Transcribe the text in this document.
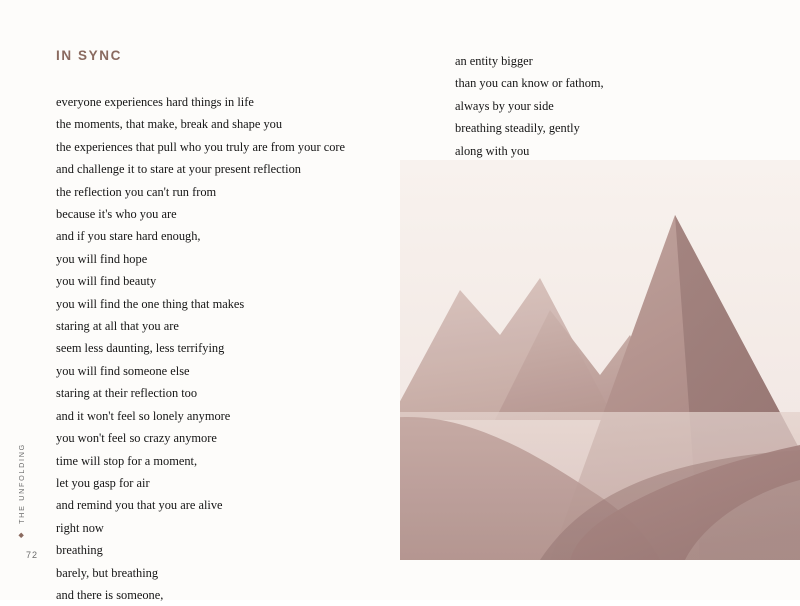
IN SYNC
everyone experiences hard things in life
the moments, that make, break and shape you
the experiences that pull who you truly are from your core
and challenge it to stare at your present reflection
the reflection you can't run from
because it's who you are
and if you stare hard enough,
you will find hope
you will find beauty
you will find the one thing that makes
staring at all that you are
seem less daunting, less terrifying
you will find someone else
staring at their reflection too
and it won't feel so lonely anymore
you won't feel so crazy anymore
time will stop for a moment,
let you gasp for air
and remind you that you are alive
right now
breathing
barely, but breathing
and there is someone,
an entity bigger
than you can know or fathom,
always by your side
breathing steadily, gently
along with you
◆THE UNFOLDING
72
